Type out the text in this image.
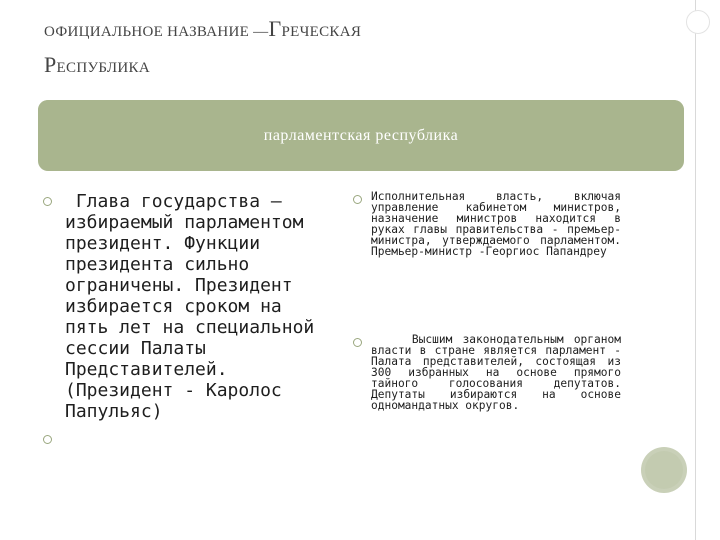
ОФИЦИАЛЬНОЕ НАЗВАНИЕ —ГРЕЧЕСКАЯ
РЕСПУБЛИКА
парламентская республика

Глава государства – избираемый парламентом президент. Функции президента сильно ограничены. Президент избирается сроком на пять лет на специальной сессии Палаты Представителей.

(Президент - Каролос Папульяс)

Исполнительная власть, включая управление кабинетом министров, назначение министров находится в руках главы правительства - премьер-министра, утверждаемого парламентом. Премьер-министр -Георгиос Папандреу
Высшим законодательным органом власти в стране является парламент - Палата представителей, состоящая из 300 избранных на основе прямого тайного голосования депутатов. Депутаты избираются на основе одномандатных округов.
